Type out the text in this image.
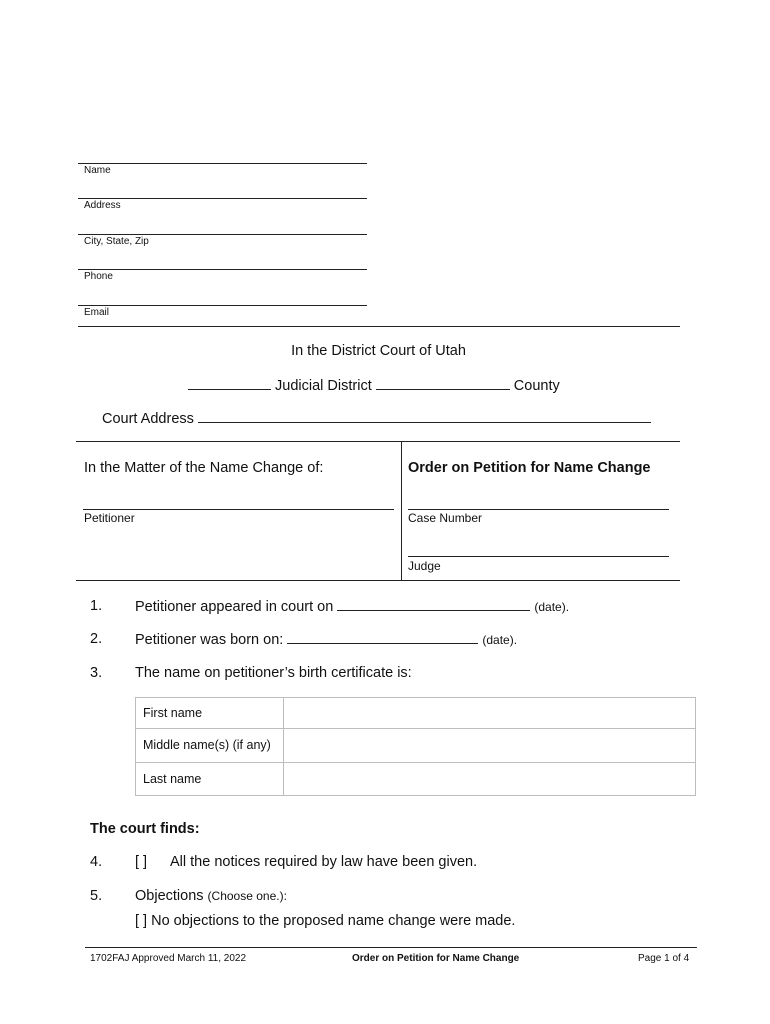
Name
Address
City, State, Zip
Phone
Email
In the District Court of Utah
Judicial District	County
Court Address
In the Matter of the Name Change of:
Petitioner
Order on Petition for Name Change
Case Number
Judge
1. Petitioner appeared in court on	(date).
2. Petitioner was born on:	(date).
3. The name on petitioner’s birth certificate is:
First name	
Middle name(s) (if any)	
Last name	
The court finds:
4. [ ] All the notices required by law have been given.
5. Objections (Choose one.):
[ ] No objections to the proposed name change were made.
1702FAJ Approved March 11, 2022	Order on Petition for Name Change	Page 1 of 4
